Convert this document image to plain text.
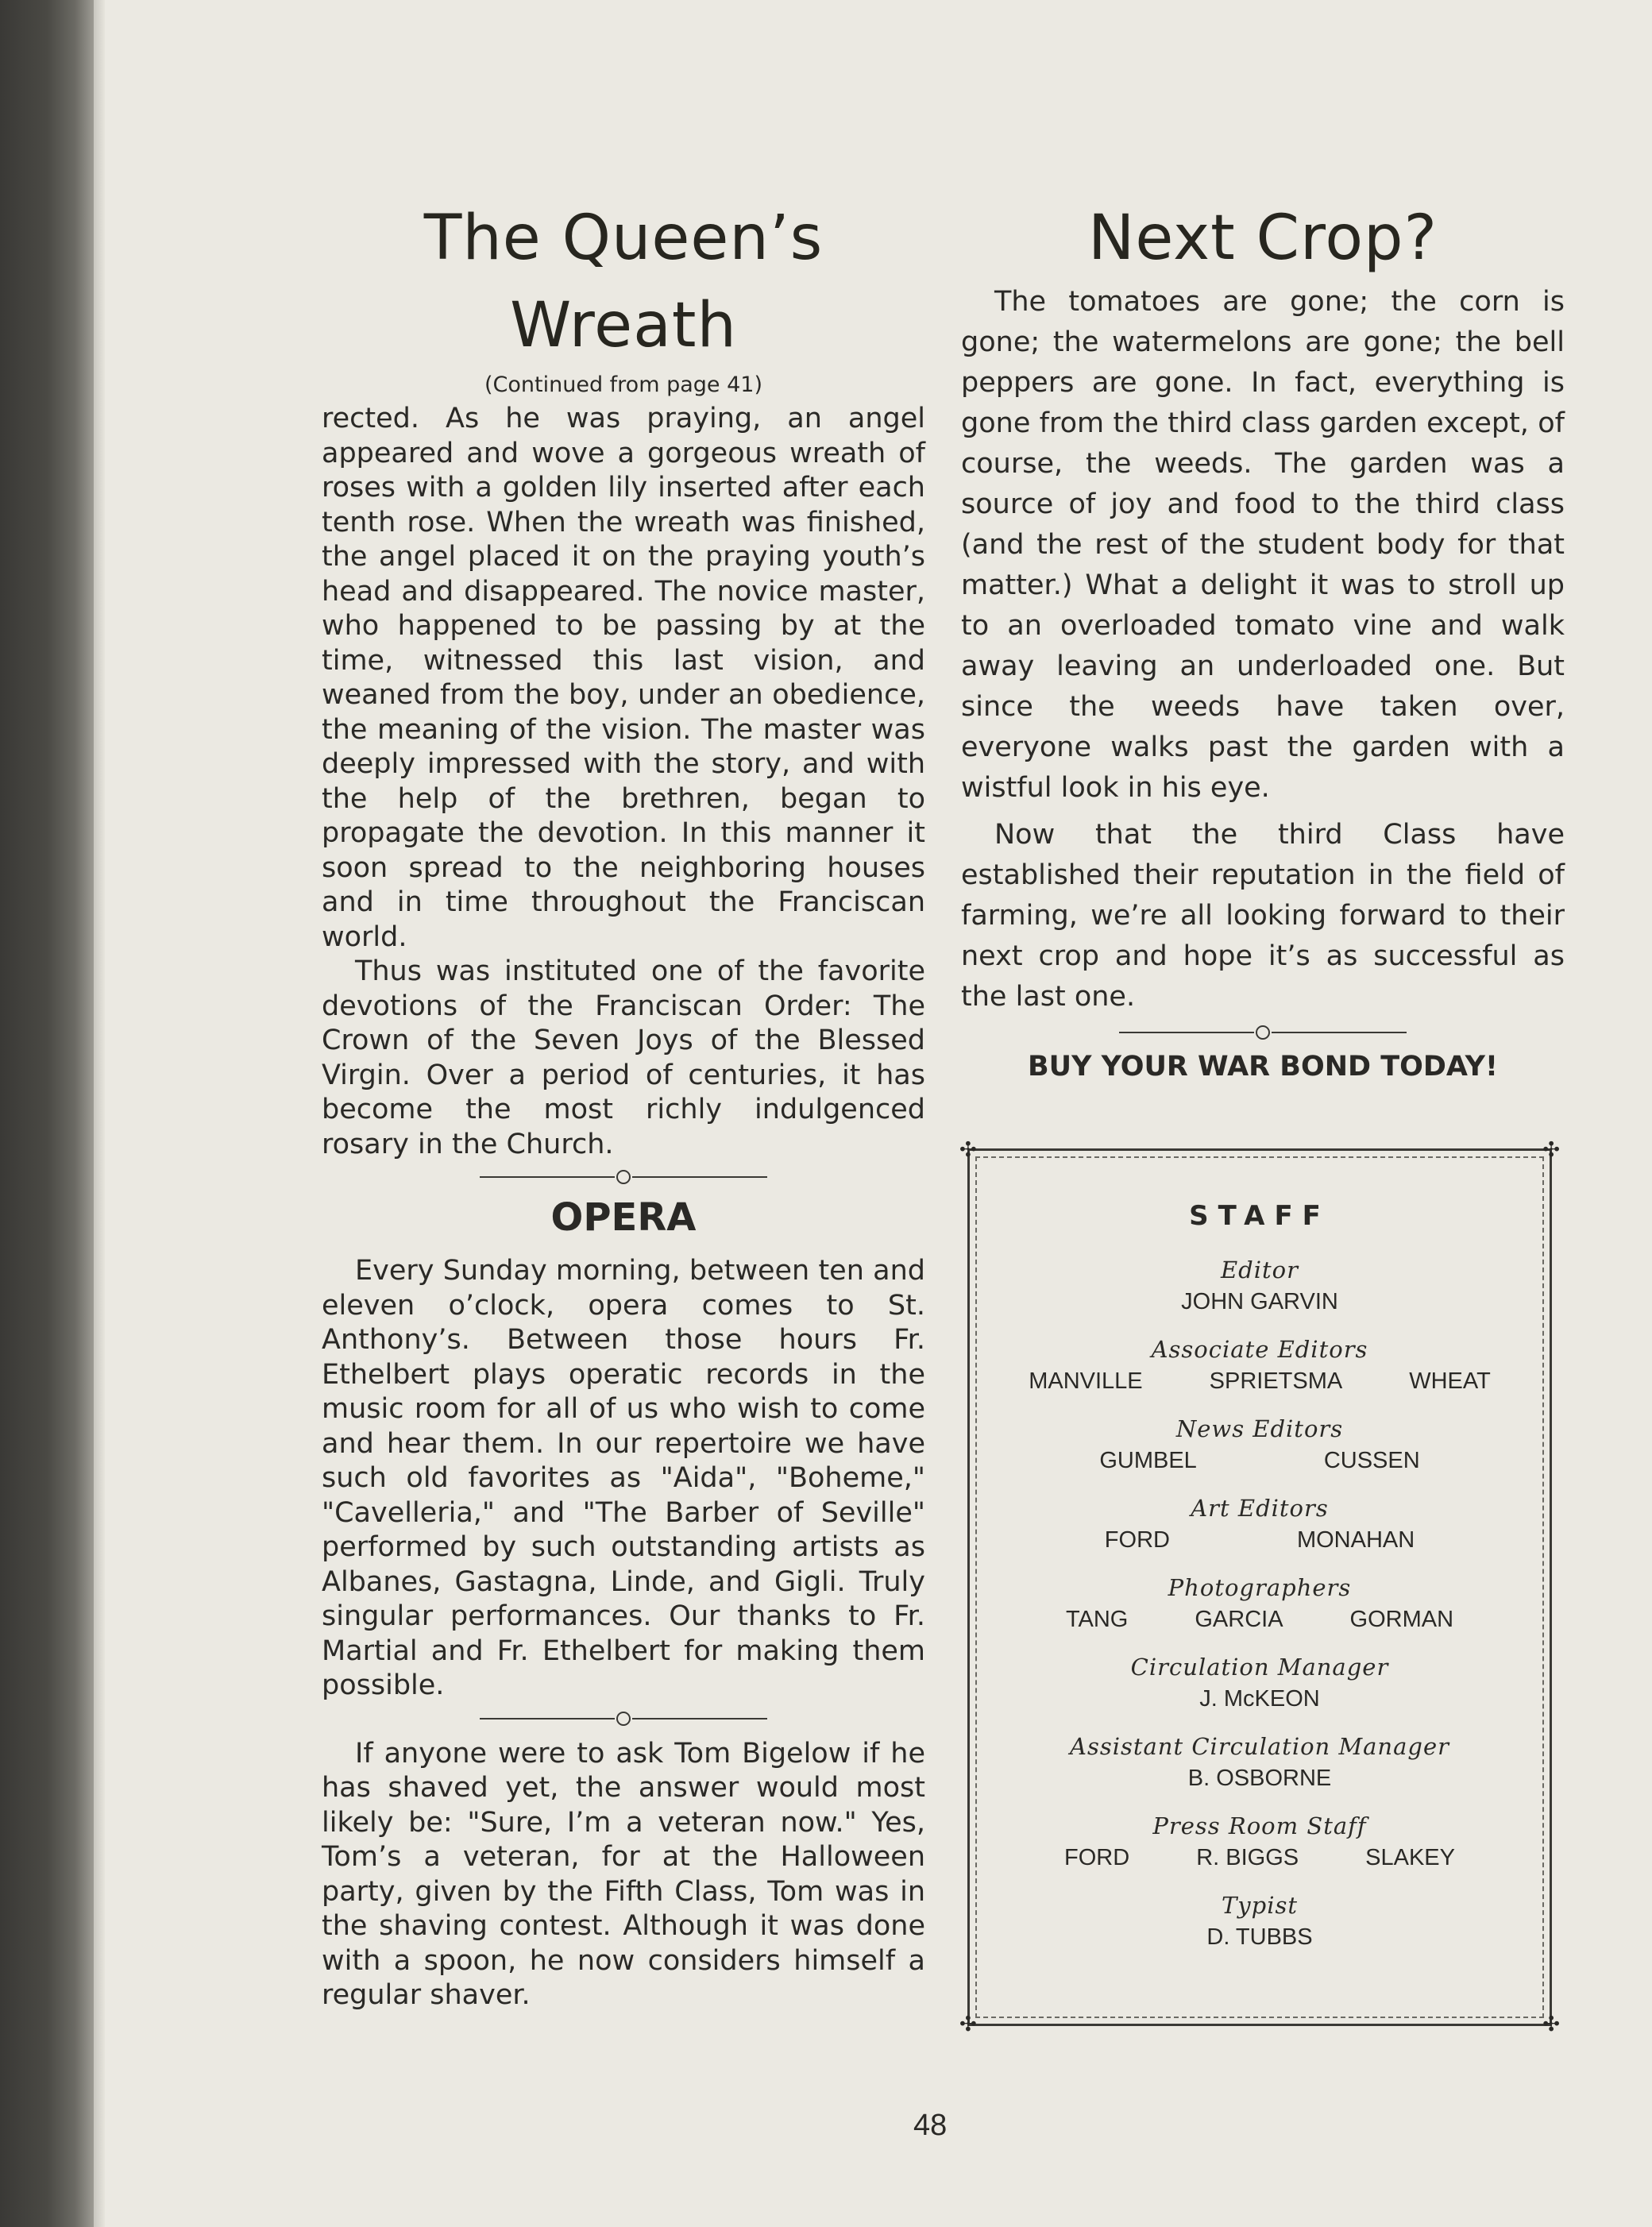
The Queen’s Wreath
(Continued from page 41)

rected. As he was praying, an angel appeared and wove a gorgeous wreath of roses with a golden lily inserted after each tenth rose. When the wreath was finished, the angel placed it on the praying youth’s head and disappeared. The novice master, who happened to be passing by at the time, witnessed this last vision, and weaned from the boy, under an obedience, the meaning of the vision. The master was deeply impressed with the story, and with the help of the brethren, began to propagate the devotion. In this manner it soon spread to the neighboring houses and in time throughout the Franciscan world.

Thus was instituted one of the favorite devotions of the Franciscan Order: The Crown of the Seven Joys of the Blessed Virgin. Over a period of centuries, it has become the most richly indulgenced rosary in the Church.

OPERA

Every Sunday morning, between ten and eleven o’clock, opera comes to St. Anthony’s. Between those hours Fr. Ethelbert plays operatic records in the music room for all of us who wish to come and hear them. In our repertoire we have such old favorites as "Aida", "Boheme," "Cavelleria," and "The Barber of Seville" performed by such outstanding artists as Albanes, Gastagna, Linde, and Gigli. Truly singular performances. Our thanks to Fr. Martial and Fr. Ethelbert for making them possible.

If anyone were to ask Tom Bigelow if he has shaved yet, the answer would most likely be: "Sure, I’m a veteran now." Yes, Tom’s a veteran, for at the Halloween party, given by the Fifth Class, Tom was in the shaving contest. Although it was done with a spoon, he now considers himself a regular shaver.

Next Crop?

The tomatoes are gone; the corn is gone; the watermelons are gone; the bell peppers are gone. In fact, everything is gone from the third class garden except, of course, the weeds. The garden was a source of joy and food to the third class (and the rest of the student body for that matter.) What a delight it was to stroll up to an overloaded tomato vine and walk away leaving an underloaded one. But since the weeds have taken over, everyone walks past the garden with a wistful look in his eye.

Now that the third Class have established their reputation in the field of farming, we’re all looking forward to their next crop and hope it’s as successful as the last one.

BUY YOUR WAR BOND TODAY!
✣	✣
✣	✣
STAFF
Editor
JOHN GARVIN
Associate Editors
MANVILLE	SPRIETSMA	WHEAT
News Editors
GUMBEL	CUSSEN
Art Editors
FORD	MONAHAN
Photographers
TANG	GARCIA	GORMAN
Circulation Manager
J. McKEON
Assistant Circulation Manager
B. OSBORNE
Press Room Staff
FORD	R. BIGGS	SLAKEY
Typist
D. TUBBS
48
